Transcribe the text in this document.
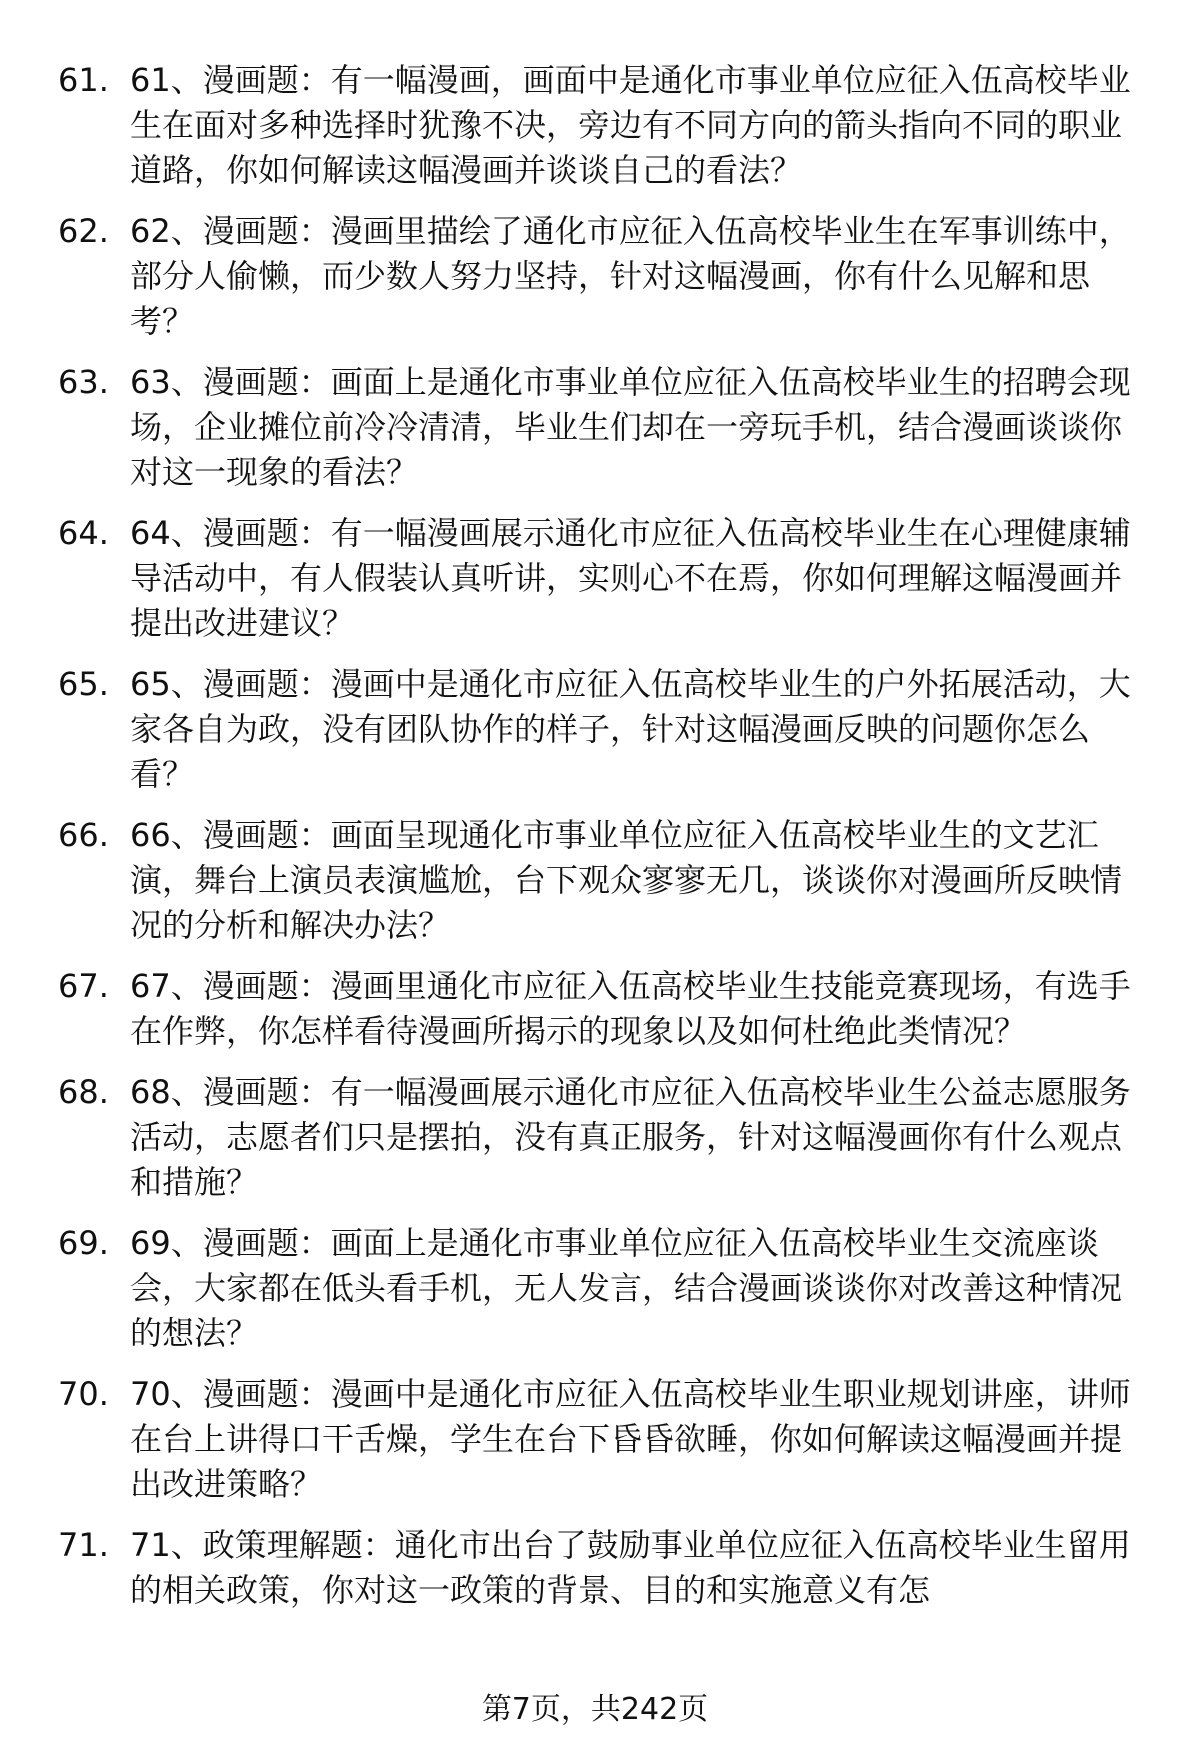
61. 61、漫画题：有一幅漫画，画面中是通化市事业单位应征入伍高校毕业生在面对多种选择时犹豫不决，旁边有不同方向的箭头指向不同的职业道路，你如何解读这幅漫画并谈谈自己的看法？
62. 62、漫画题：漫画里描绘了通化市应征入伍高校毕业生在军事训练中，部分人偷懒，而少数人努力坚持，针对这幅漫画，你有什么见解和思考？
63. 63、漫画题：画面上是通化市事业单位应征入伍高校毕业生的招聘会现场，企业摊位前冷冷清清，毕业生们却在一旁玩手机，结合漫画谈谈你对这一现象的看法？
64. 64、漫画题：有一幅漫画展示通化市应征入伍高校毕业生在心理健康辅导活动中，有人假装认真听讲，实则心不在焉，你如何理解这幅漫画并提出改进建议？
65. 65、漫画题：漫画中是通化市应征入伍高校毕业生的户外拓展活动，大家各自为政，没有团队协作的样子，针对这幅漫画反映的问题你怎么看？
66. 66、漫画题：画面呈现通化市事业单位应征入伍高校毕业生的文艺汇演，舞台上演员表演尴尬，台下观众寥寥无几，谈谈你对漫画所反映情况的分析和解决办法？
67. 67、漫画题：漫画里通化市应征入伍高校毕业生技能竞赛现场，有选手在作弊，你怎样看待漫画所揭示的现象以及如何杜绝此类情况？
68. 68、漫画题：有一幅漫画展示通化市应征入伍高校毕业生公益志愿服务活动，志愿者们只是摆拍，没有真正服务，针对这幅漫画你有什么观点和措施？
69. 69、漫画题：画面上是通化市事业单位应征入伍高校毕业生交流座谈会，大家都在低头看手机，无人发言，结合漫画谈谈你对改善这种情况的想法？
70. 70、漫画题：漫画中是通化市应征入伍高校毕业生职业规划讲座，讲师在台上讲得口干舌燥，学生在台下昏昏欲睡，你如何解读这幅漫画并提出改进策略？
71. 71、政策理解题：通化市出台了鼓励事业单位应征入伍高校毕业生留用的相关政策，你对这一政策的背景、目的和实施意义有怎
第7页，共242页
